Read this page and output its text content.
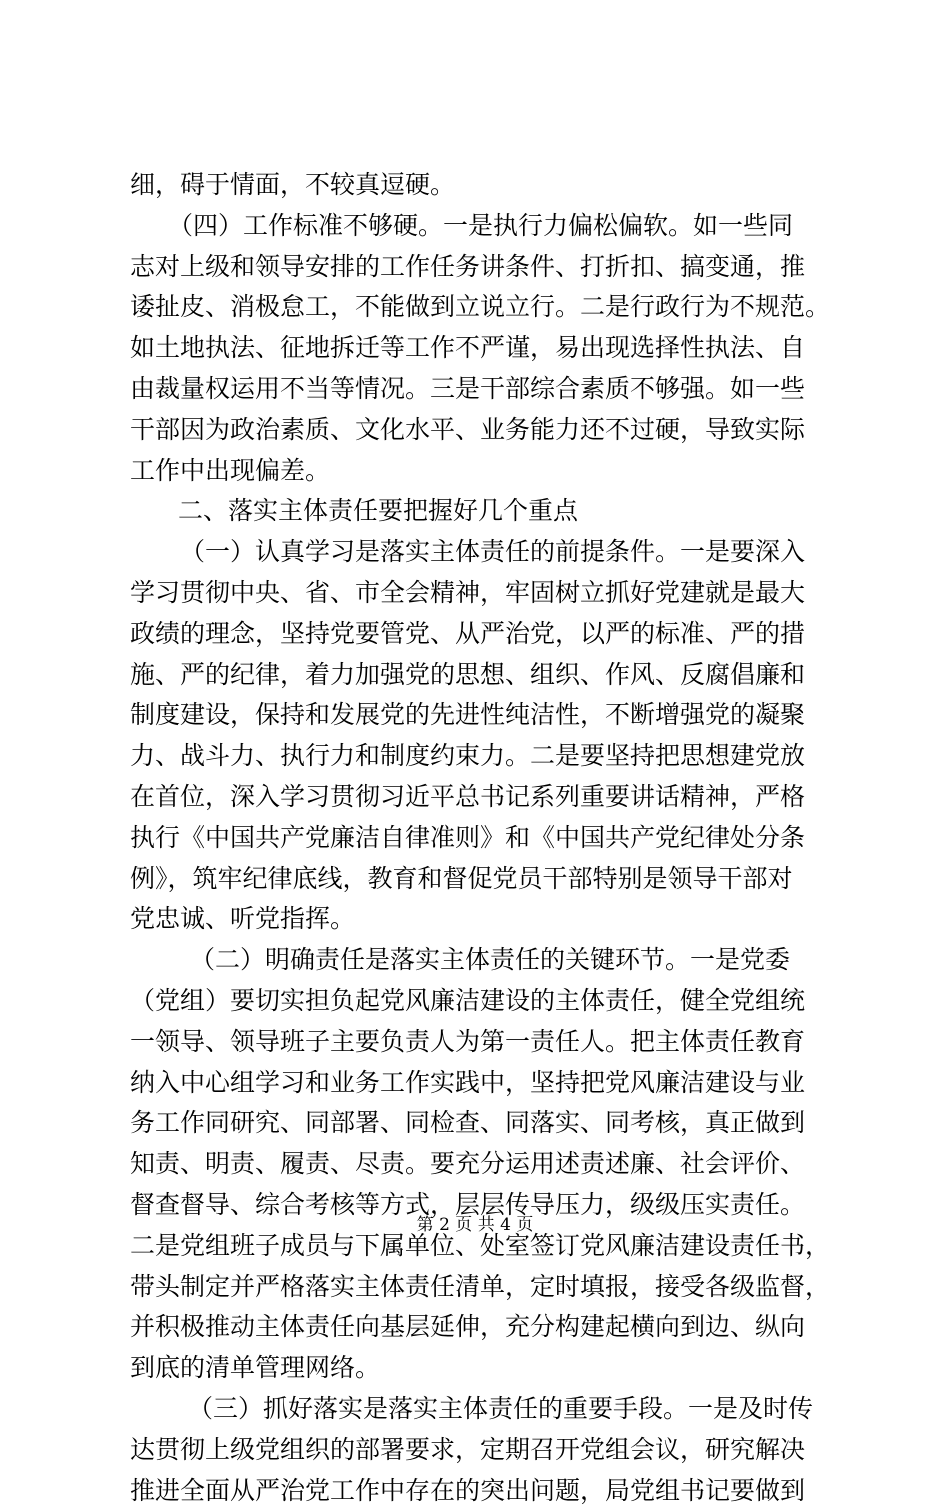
细，碍于情面，不较真逗硬。
（四）工作标准不够硬。一是执行力偏松偏软。如一些同
志对上级和领导安排的工作任务讲条件、打折扣、搞变通，推
诿扯皮、消极怠工，不能做到立说立行。二是行政行为不规范。
如土地执法、征地拆迁等工作不严谨，易出现选择性执法、自
由裁量权运用不当等情况。三是干部综合素质不够强。如一些
干部因为政治素质、文化水平、业务能力还不过硬，导致实际
工作中出现偏差。
二、落实主体责任要把握好几个重点
（一）认真学习是落实主体责任的前提条件。一是要深入
学习贯彻中央、省、市全会精神，牢固树立抓好党建就是最大
政绩的理念，坚持党要管党、从严治党，以严的标准、严的措
施、严的纪律，着力加强党的思想、组织、作风、反腐倡廉和
制度建设，保持和发展党的先进性纯洁性，不断增强党的凝聚
力、战斗力、执行力和制度约束力。二是要坚持把思想建党放
在首位，深入学习贯彻习近平总书记系列重要讲话精神，严格
执行《中国共产党廉洁自律准则》和《中国共产党纪律处分条
例》，筑牢纪律底线，教育和督促党员干部特别是领导干部对
党忠诚、听党指挥。
（二）明确责任是落实主体责任的关键环节。一是党委
（党组）要切实担负起党风廉洁建设的主体责任，健全党组统
一领导、领导班子主要负责人为第一责任人。把主体责任教育
纳入中心组学习和业务工作实践中，坚持把党风廉洁建设与业
务工作同研究、同部署、同检查、同落实、同考核，真正做到
知责、明责、履责、尽责。要充分运用述责述廉、社会评价、
督查督导、综合考核等方式，层层传导压力，级级压实责任。
二是党组班子成员与下属单位、处室签订党风廉洁建设责任书，
带头制定并严格落实主体责任清单，定时填报，接受各级监督，
并积极推动主体责任向基层延伸，充分构建起横向到边、纵向
到底的清单管理网络。
（三）抓好落实是落实主体责任的重要手段。一是及时传
达贯彻上级党组织的部署要求，定期召开党组会议，研究解决
推进全面从严治党工作中存在的突出问题，局党组书记要做到
第 2 页 共 4 页
